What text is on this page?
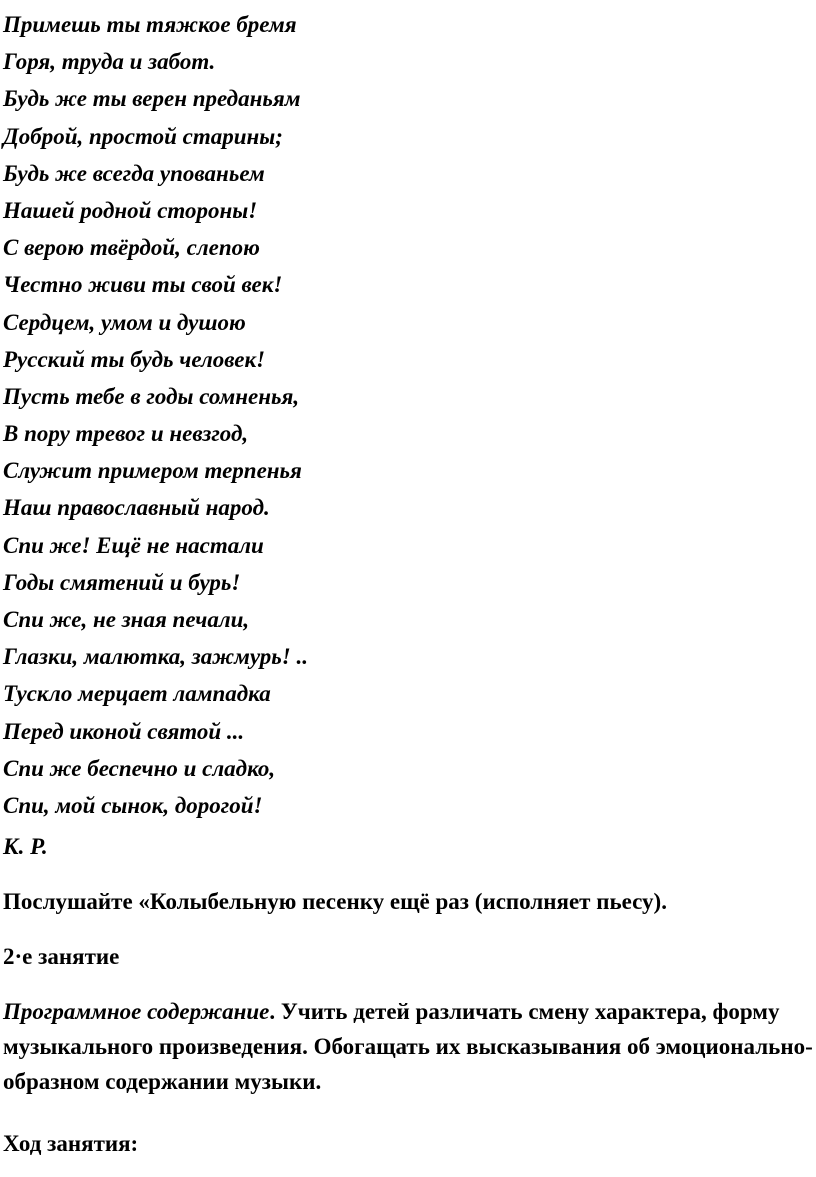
Примешь ты тяжкое бремя
Горя, труда и забот.
Будь же ты верен преданьям
Доброй, простой старины;
Будь же всегда упованьем
Нашей родной стороны!
С верою твёрдой, слепою
Честно живи ты свой век!
Сердцем, умом и душою
Русский ты будь человек!
Пусть тебе в годы сомненья,
В пору тревог и невзгод,
Служит примером терпенья
Наш православный народ.
Спи же! Ещё не настали
Годы смятений и бурь!
Спи же, не зная печали,
Глазки, малютка, зажмурь! ..
Тускло мерцает лампадка
Перед иконой святой ...
Спи же беспечно и сладко,
Спи, мой сынок, дорогой!
К. Р.
Послушайте «Колыбельную песенку ещё раз (исполняет пьесу).
2·е занятие
Программное содержание. Учить детей различать смену характера, форму музыкального произведения. Обогащать их высказывания об эмоционально-образном содержании музыки.
Ход занятия:
